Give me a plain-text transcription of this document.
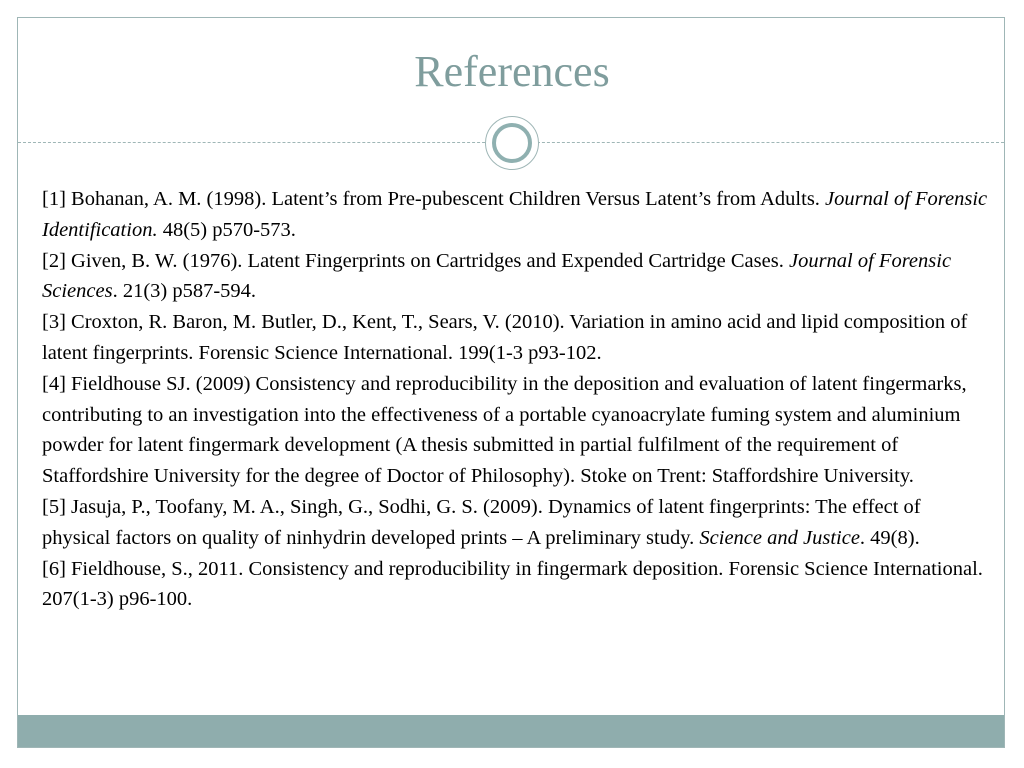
References

[1] Bohanan, A. M. (1998). Latent’s from Pre-pubescent Children Versus Latent’s from Adults. Journal of Forensic Identification. 48(5) p570-573.

[2] Given, B. W. (1976). Latent Fingerprints on Cartridges and Expended Cartridge Cases. Journal of Forensic Sciences. 21(3) p587-594.

[3] Croxton, R. Baron, M. Butler, D., Kent, T., Sears, V. (2010). Variation in amino acid and lipid composition of latent fingerprints. Forensic Science International. 199(1-3 p93-102.

[4] Fieldhouse SJ. (2009) Consistency and reproducibility in the deposition and evaluation of latent fingermarks, contributing to an investigation into the effectiveness of a portable cyanoacrylate fuming system and aluminium powder for latent fingermark development (A thesis submitted in partial fulfilment of the requirement of Staffordshire University for the degree of Doctor of Philosophy). Stoke on Trent: Staffordshire University.

[5] Jasuja, P., Toofany, M. A., Singh, G., Sodhi, G. S. (2009). Dynamics of latent fingerprints: The effect of physical factors on quality of ninhydrin developed prints – A preliminary study. Science and Justice. 49(8).

[6] Fieldhouse, S., 2011. Consistency and reproducibility in fingermark deposition. Forensic Science International. 207(1-3) p96-100.
